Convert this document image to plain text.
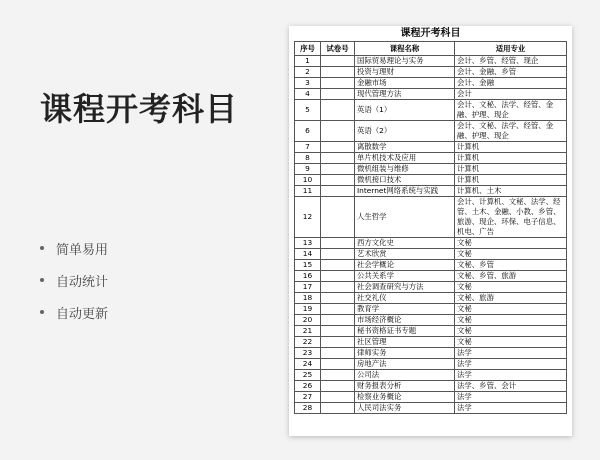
课程开考科目
简单易用
自动统计
自动更新
课程开考科目
序号	试卷号	课程名称	适用专业
1		国际贸易理论与实务	会计、乡管、经管、现企
2		投资与理财	会计、金融、乡管
3		金融市场	会计、金融
4		现代管理方法	会计
5		英语（1）	会计、文秘、法学、经管、金融、护理、现企
6		英语（2）	会计、文秘、法学、经管、金融、护理、现企
7		离散数学	计算机
8		单片机技术及应用	计算机
9		微机组装与维修	计算机
10		微机接口技术	计算机
11		Internet网络系统与实践	计算机、土木
12		人生哲学	会计、计算机、文秘、法学、经管、土木、金融、小教、乡管、旅游、现企、环保、电子信息、机电、广告
13		西方文化史	文秘
14		艺术欣赏	文秘
15		社会学概论	文秘、乡管
16		公共关系学	文秘、乡管、旅游
17		社会调查研究与方法	文秘
18		社交礼仪	文秘、旅游
19		教育学	文秘
20		市场经济概论	文秘
21		秘书资格证书专题	文秘
22		社区管理	文秘
23		律师实务	法学
24		房地产法	法学
25		公司法	法学
26		财务报表分析	法学、乡管、会计
27		检察业务概论	法学
28		人民司法实务	法学
